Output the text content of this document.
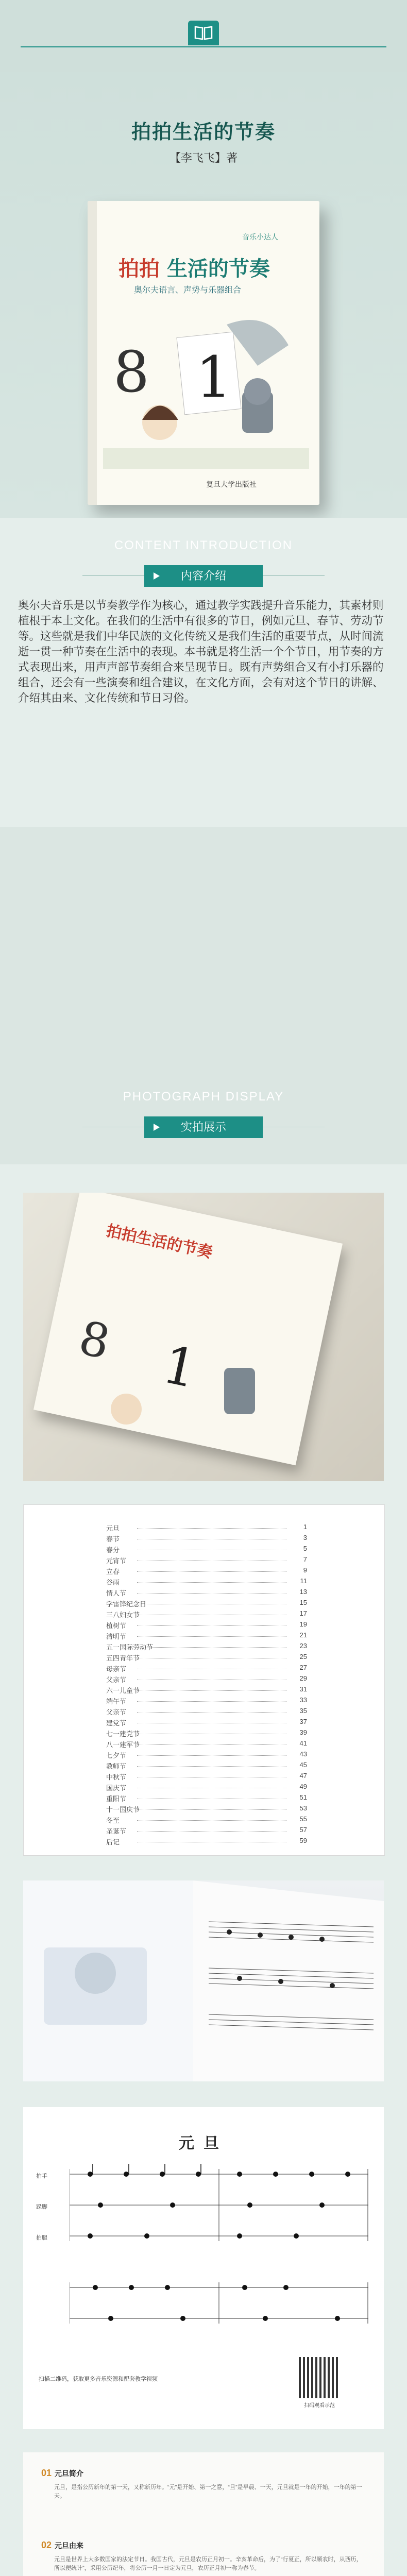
拍拍生活的节奏
【李飞飞】著
音乐小达人
拍拍 生活的节奏
奥尔夫语言、声势与乐器组合
8 1
复旦大学出版社
CONTENT INTRODUCTION
内容介绍
奥尔夫音乐是以节奏教学作为核心，通过教学实践提升音乐能力，其素材则植根于本土文化。在我们的生活中有很多的节日，例如元旦、春节、劳动节等。这些就是我们中华民族的文化传统又是我们生活的重要节点，从时间流逝一贯一种节奏在生活中的表现。本书就是将生活一个个节日，用节奏的方式表现出来，用声声部节奏组合来呈现节日。既有声势组合又有小打乐器的组合，还会有一些演奏和组合建议，在文化方面，会有对这个节日的讲解、介绍其由来、文化传统和节日习俗。
PHOTOGRAPH DISPLAY
实拍展示
拍拍生活的节奏
8 1
元旦	1
春节	3
春分	5
元宵节	7
立春	9
谷雨	11
情人节	13
学雷锋纪念日	15
三八妇女节	17
植树节	19
清明节	21
五一国际劳动节	23
五四青年节	25
母亲节	27
父亲节	29
六一儿童节	31
端午节	33
父亲节	35
建党节	37
七一建党节	39
八一建军节	41
七夕节	43
教师节	45
中秋节	47
国庆节	49
重阳节	51
十一国庆节	53
冬至	55
圣诞节	57
后记	59
元旦
拍手
跺脚
拍腿
扫描二维码，获取更多音乐资源和配套教学视频
扫码观看示范
01 元旦简介
元旦，是指公历新年的第一天，又称新历年。“元”是开始、第一之意，“旦”是早晨、一天，元旦就是一年的开始，一年的第一天。
02 元旦由来
元旦是世界上大多数国家的法定节日。我国古代，元旦是农历正月初一。辛亥革命后，为了“行夏正，所以顺农时，从西历，所以便统计”，采用公历纪年，将公历一月一日定为元旦，农历正月初一称为春节。
